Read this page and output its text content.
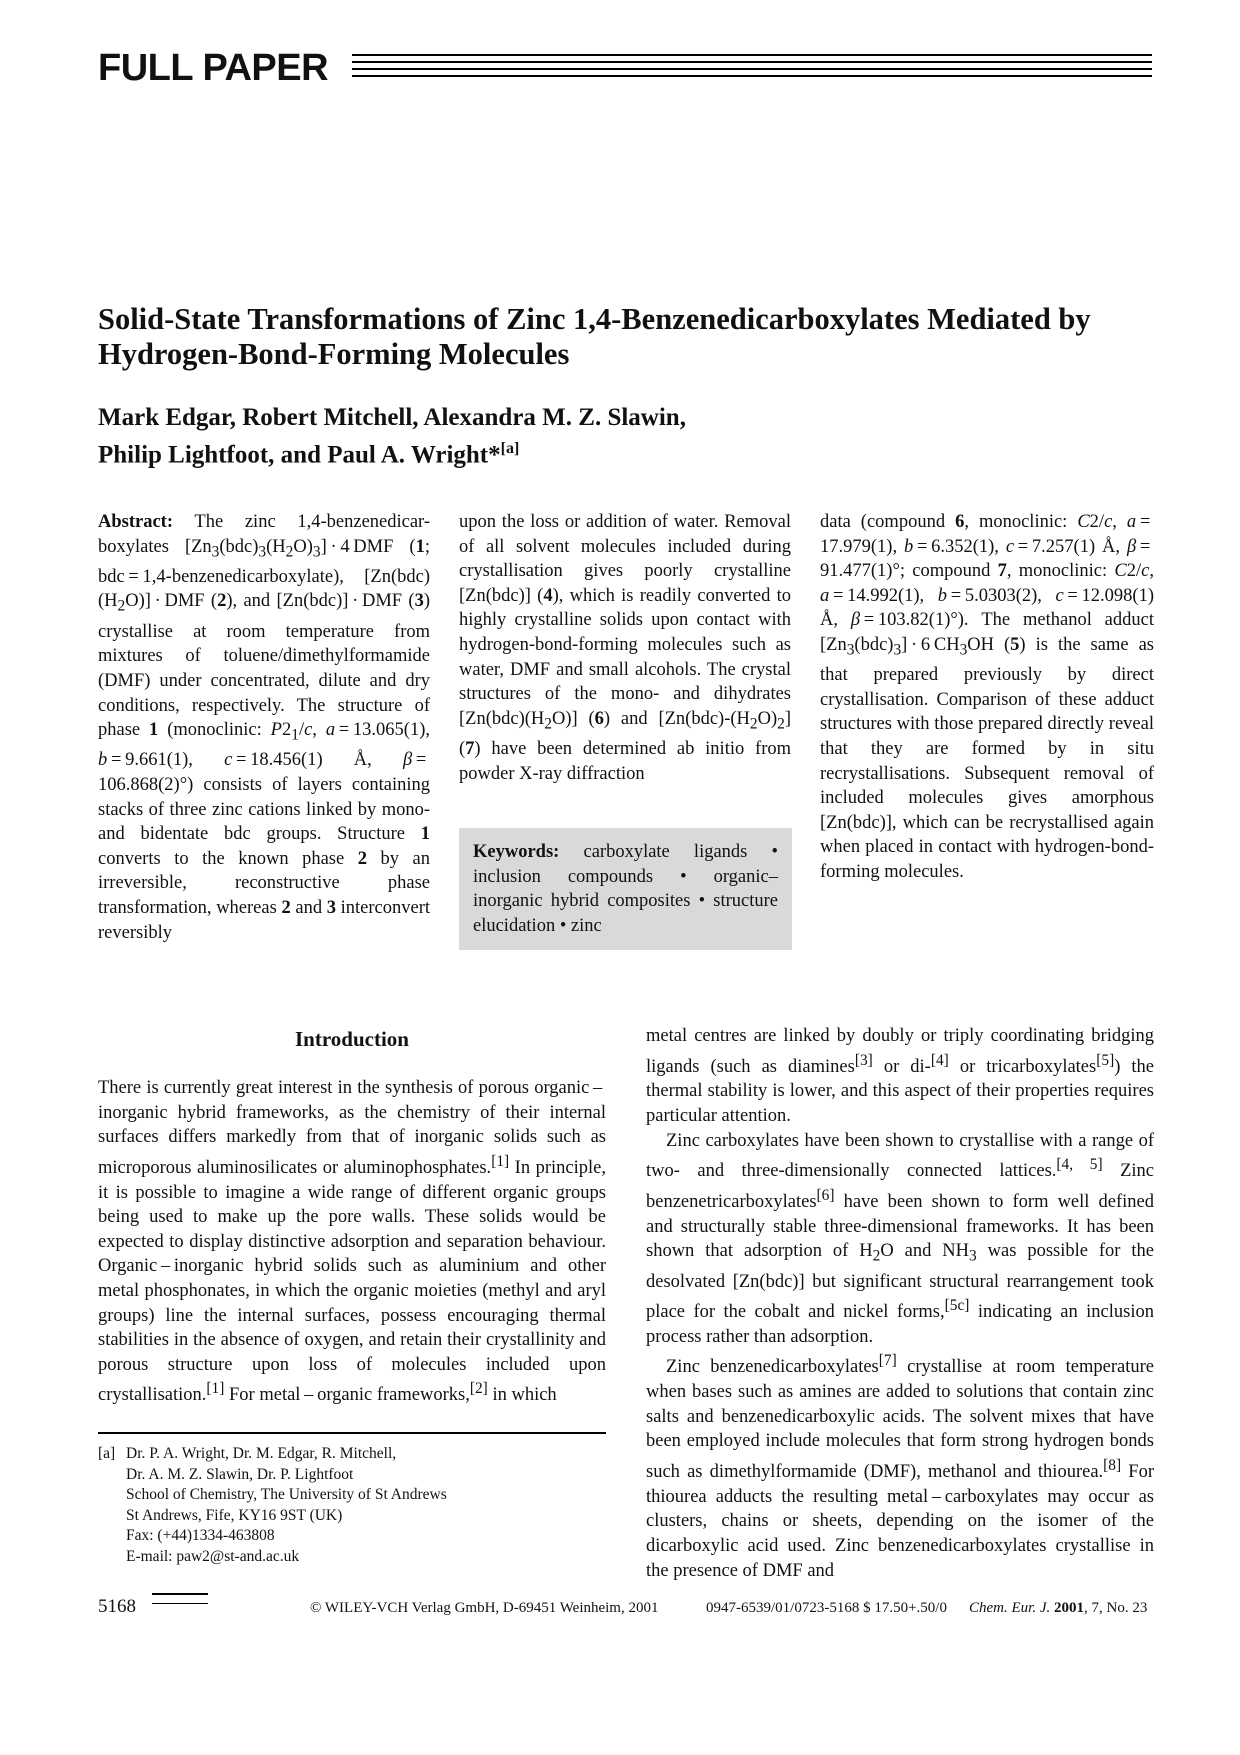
FULL PAPER
Solid-State Transformations of Zinc 1,4-Benzenedicarboxylates Mediated by Hydrogen-Bond-Forming Molecules
Mark Edgar, Robert Mitchell, Alexandra M. Z. Slawin,
Philip Lightfoot, and Paul A. Wright*[a]

Abstract: The zinc 1,4-benzenedicar-boxylates $[Zn_3(bdc)_3(H_2O)_3] \cdot 4$ DMF (1; bdc = 1,4-benzenedicarboxylate), $[Zn(bdc)(H_2O)]$ · DMF (2), and [Zn(bdc)] · DMF (3) crystallise at room temperature from mixtures of toluene/dimethylformamide (DMF) under concentrated, dilute and dry conditions, respectively. The structure of phase 1 (monoclinic: $P2_1/c$, a = 13.065(1), b = 9.661(1), c = 18.456(1) Å, β = 106.868(2)°) consists of layers containing stacks of three zinc cations linked by mono- and bidentate bdc groups. Structure 1 converts to the known phase 2 by an irreversible, reconstructive phase transformation, whereas 2 and 3 interconvert reversibly

upon the loss or addition of water. Removal of all solvent molecules included during crystallisation gives poorly crystalline [Zn(bdc)] (4), which is readily converted to highly crystalline solids upon contact with hydrogen-bond-forming molecules such as water, DMF and small alcohols. The crystal structures of the mono- and dihydrates $[Zn(bdc)(H_2O)]$ (6) and $[Zn(bdc)-(H_2O)_2]$ (7) have been determined ab initio from powder X-ray diffraction

Keywords: carboxylate ligands • inclusion compounds • organic–inorganic hybrid composites • structure elucidation • zinc

data (compound 6, monoclinic: C2/c, a = 17.979(1), b = 6.352(1), c = 7.257(1) Å, β = 91.477(1)°; compound 7, monoclinic: C2/c, a = 14.992(1), b = 5.0303(2), c = 12.098(1) Å, β = 103.82(1)°). The methanol adduct $[Zn_3(bdc)_3] \cdot 6$ $CH_3OH$ (5) is the same as that prepared previously by direct crystallisation. Comparison of these adduct structures with those prepared directly reveal that they are formed by in situ recrystallisations. Subsequent removal of included molecules gives amorphous [Zn(bdc)], which can be recrystallised again when placed in contact with hydrogen-bond-forming molecules.

Introduction

There is currently great interest in the synthesis of porous organic – inorganic hybrid frameworks, as the chemistry of their internal surfaces differs markedly from that of inorganic solids such as microporous aluminosilicates or aluminophosphates.[1] In principle, it is possible to imagine a wide range of different organic groups being used to make up the pore walls. These solids would be expected to display distinctive adsorption and separation behaviour. Organic – inorganic hybrid solids such as aluminium and other metal phosphonates, in which the organic moieties (methyl and aryl groups) line the internal surfaces, possess encouraging thermal stabilities in the absence of oxygen, and retain their crystallinity and porous structure upon loss of molecules included upon crystallisation.[1] For metal – organic frameworks,[2] in which

metal centres are linked by doubly or triply coordinating bridging ligands (such as diamines[3] or di-[4] or tricarboxylates[5]) the thermal stability is lower, and this aspect of their properties requires particular attention.

Zinc carboxylates have been shown to crystallise with a range of two- and three-dimensionally connected lattices.[4, 5] Zinc benzenetricarboxylates[6] have been shown to form well defined and structurally stable three-dimensional frameworks. It has been shown that adsorption of $H_2O$ and $NH_3$ was possible for the desolvated [Zn(bdc)] but significant structural rearrangement took place for the cobalt and nickel forms,[5c] indicating an inclusion process rather than adsorption.

Zinc benzenedicarboxylates[7] crystallise at room temperature when bases such as amines are added to solutions that contain zinc salts and benzenedicarboxylic acids. The solvent mixes that have been employed include molecules that form strong hydrogen bonds such as dimethylformamide (DMF), methanol and thiourea.[8] For thiourea adducts the resulting metal – carboxylates may occur as clusters, chains or sheets, depending on the isomer of the dicarboxylic acid used. Zinc benzenedicarboxylates crystallise in the presence of DMF and

[a] Dr. P. A. Wright, Dr. M. Edgar, R. Mitchell,
Dr. A. M. Z. Slawin, Dr. P. Lightfoot
School of Chemistry, The University of St Andrews
St Andrews, Fife, KY16 9ST (UK)
Fax: (+44)1334-463808
E-mail: paw2@st-and.ac.uk
5168	© WILEY-VCH Verlag GmbH, D-69451 Weinheim, 2001	0947-6539/01/0723-5168 $ 17.50+.50/0 Chem. Eur. J. 2001, 7, No. 23
